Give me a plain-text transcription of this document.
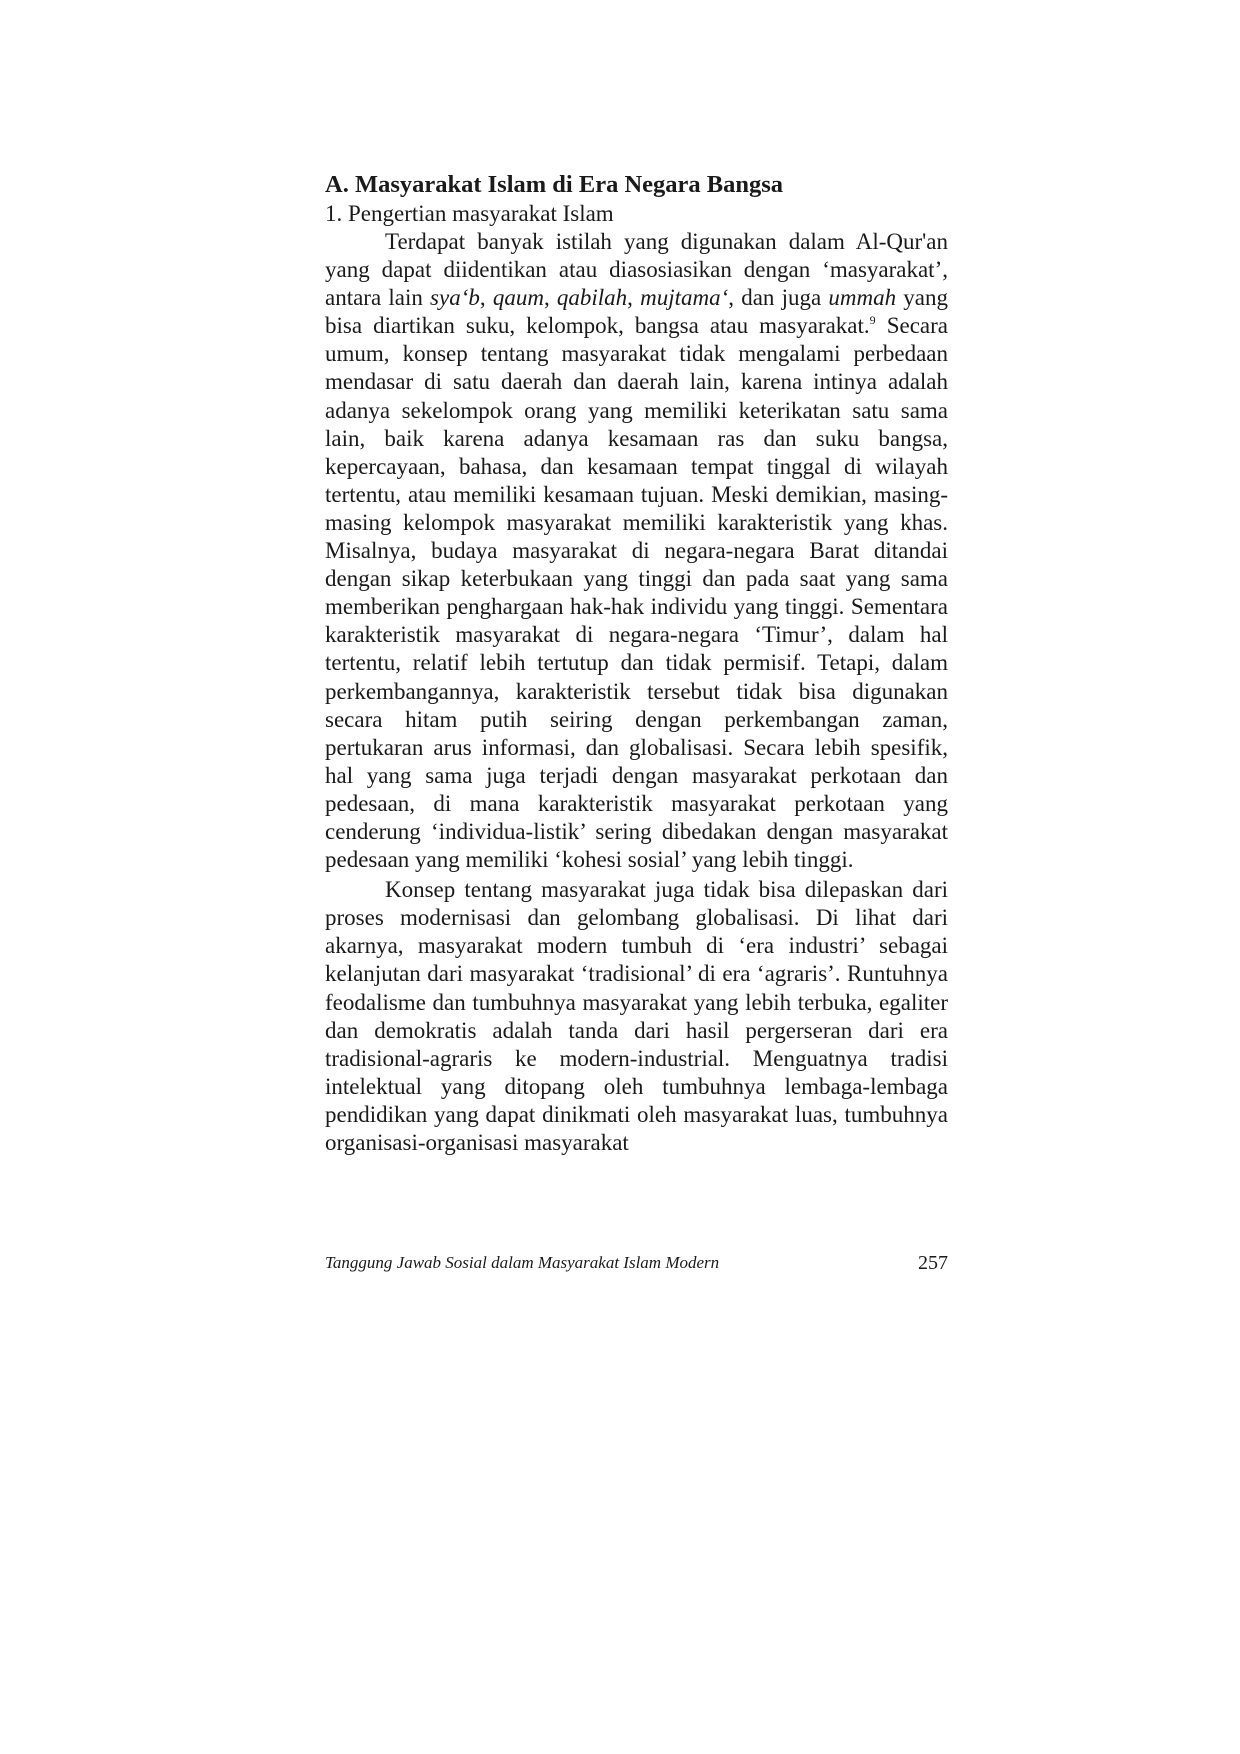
A. Masyarakat Islam di Era Negara Bangsa
1. Pengertian masyarakat Islam

Terdapat banyak istilah yang digunakan dalam Al-Qur'an yang dapat diidentikan atau diasosiasikan dengan ‘masyarakat’, antara lain sya‘b, qaum, qabilah, mujtama‘, dan juga ummah yang bisa diartikan suku, kelompok, bangsa atau masyarakat.$^9$ Secara umum, konsep tentang masyarakat tidak mengalami perbedaan mendasar di satu daerah dan daerah lain, karena intinya adalah adanya sekelompok orang yang memiliki keterikatan satu sama lain, baik karena adanya kesamaan ras dan suku bangsa, kepercayaan, bahasa, dan kesamaan tempat tinggal di wilayah tertentu, atau memiliki kesamaan tujuan. Meski demikian, masing-masing kelompok masyarakat memiliki karakteristik yang khas. Misalnya, budaya masyarakat di negara-negara Barat ditandai dengan sikap keterbukaan yang tinggi dan pada saat yang sama memberikan penghargaan hak-hak individu yang tinggi. Sementara karakteristik masyarakat di negara-negara ‘Timur’, dalam hal tertentu, relatif lebih tertutup dan tidak permisif. Tetapi, dalam perkembangannya, karakteristik tersebut tidak bisa digunakan secara hitam putih seiring dengan perkembangan zaman, pertukaran arus informasi, dan globalisasi. Secara lebih spesifik, hal yang sama juga terjadi dengan masyarakat perkotaan dan pedesaan, di mana karakteristik masyarakat perkotaan yang cenderung ‘individua-listik’ sering dibedakan dengan masyarakat pedesaan yang memiliki ‘kohesi sosial’ yang lebih tinggi.

Konsep tentang masyarakat juga tidak bisa dilepaskan dari proses modernisasi dan gelombang globalisasi. Di lihat dari akarnya, masyarakat modern tumbuh di ‘era industri’ sebagai kelanjutan dari masyarakat ‘tradisional’ di era ‘agraris’. Runtuhnya feodalisme dan tumbuhnya masyarakat yang lebih terbuka, egaliter dan demokratis adalah tanda dari hasil pergerseran dari era tradisional-agraris ke modern-industrial. Menguatnya tradisi intelektual yang ditopang oleh tumbuhnya lembaga-lembaga pendidikan yang dapat dinikmati oleh masyarakat luas, tumbuhnya organisasi-organisasi masyarakat

Tanggung Jawab Sosial dalam Masyarakat Islam Modern	257
